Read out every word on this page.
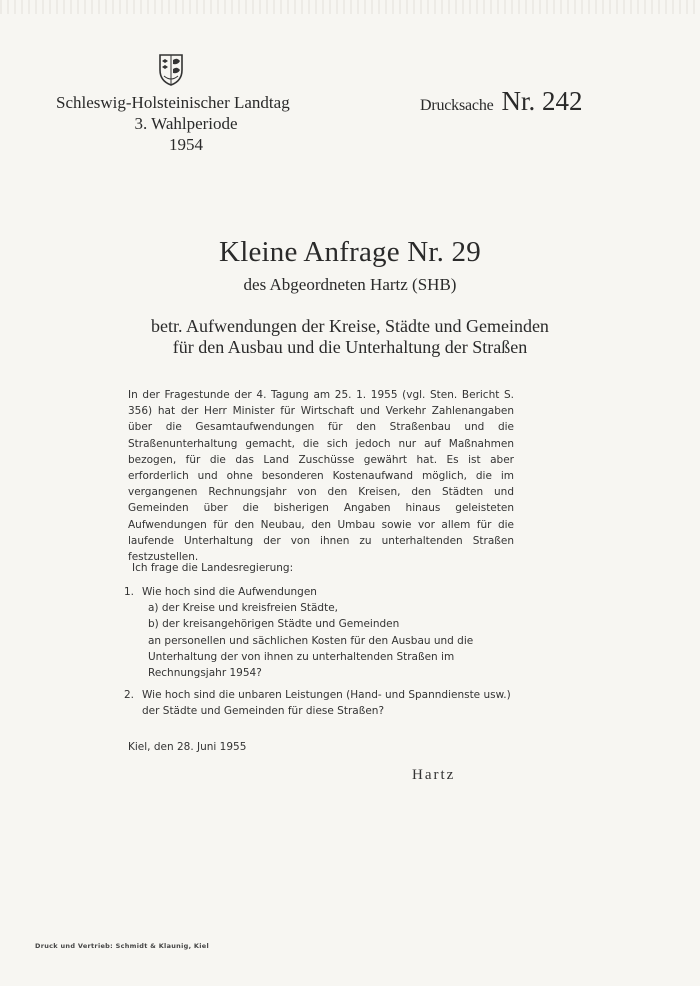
Schleswig-Holsteinischer Landtag
3. Wahlperiode
1954
Drucksache Nr. 242
Kleine Anfrage Nr. 29
des Abgeordneten Hartz (SHB)
betr. Aufwendungen der Kreise, Städte und Gemeinden
für den Ausbau und die Unterhaltung der Straßen
In der Fragestunde der 4. Tagung am 25. 1. 1955 (vgl. Sten. Bericht S. 356) hat der Herr Minister für Wirtschaft und Verkehr Zahlenangaben über die Gesamtaufwendungen für den Straßenbau und die Straßenunterhaltung gemacht, die sich jedoch nur auf Maßnahmen bezogen, für die das Land Zuschüsse gewährt hat. Es ist aber erforderlich und ohne besonderen Kostenaufwand möglich, die im vergangenen Rechnungsjahr von den Kreisen, den Städten und Gemeinden über die bisherigen Angaben hinaus geleisteten Aufwendungen für den Neubau, den Umbau sowie vor allem für die laufende Unterhaltung der von ihnen zu unterhaltenden Straßen festzustellen.
Ich frage die Landesregierung:
1. Wie hoch sind die Aufwendungen
a) der Kreise und kreisfreien Städte,
b) der kreisangehörigen Städte und Gemeinden
an personellen und sächlichen Kosten für den Ausbau und die Unterhaltung der von ihnen zu unterhaltenden Straßen im Rechnungsjahr 1954?
2. Wie hoch sind die unbaren Leistungen (Hand- und Spanndienste usw.) der Städte und Gemeinden für diese Straßen?
Kiel, den 28. Juni 1955
Hartz
Druck und Vertrieb: Schmidt & Klaunig, Kiel
